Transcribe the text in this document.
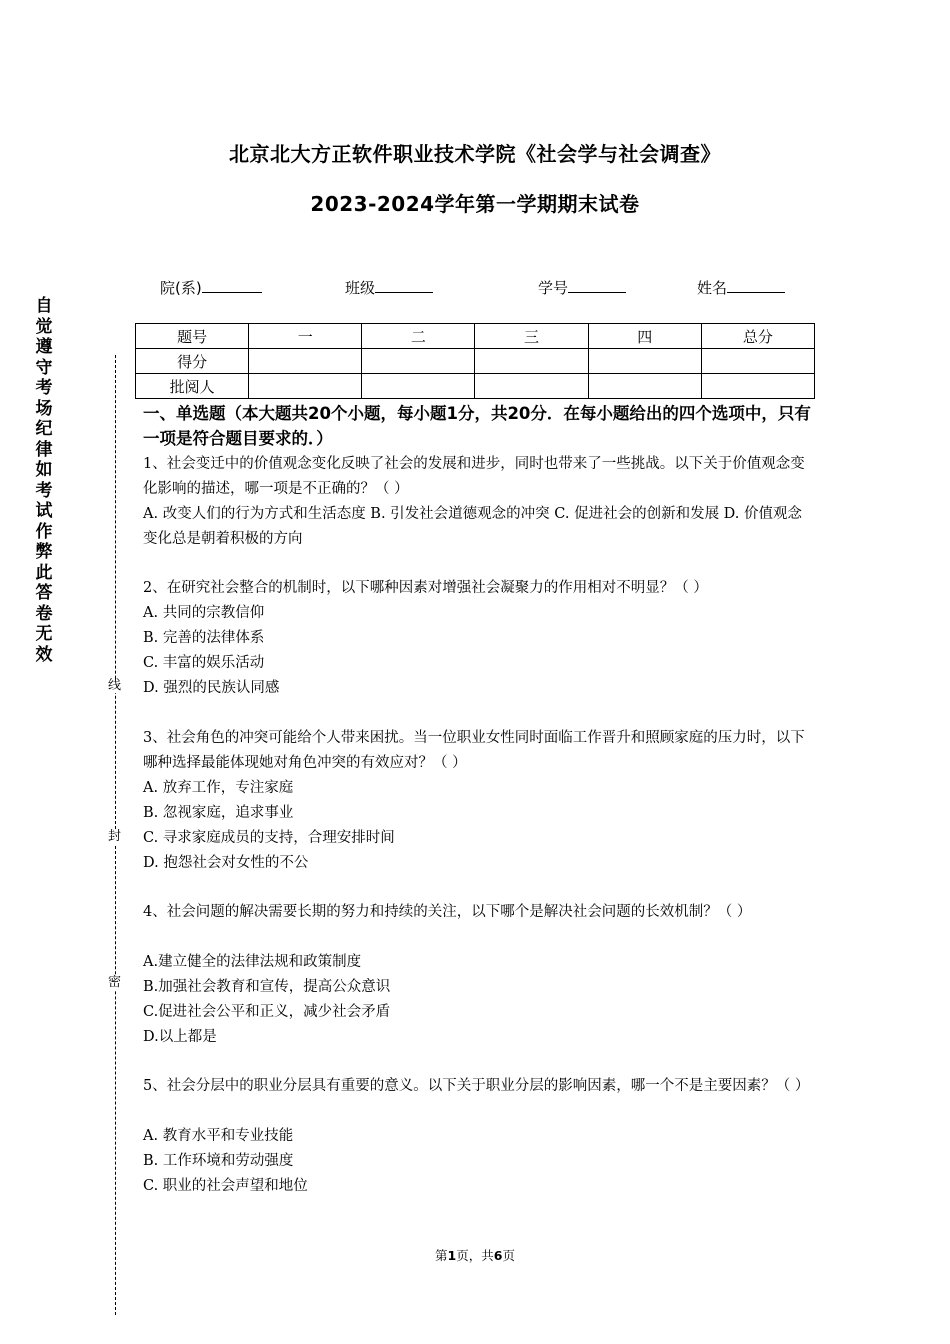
北京北大方正软件职业技术学院《社会学与社会调查》
2023-2024学年第一学期期末试卷
院(系)	班级	学号	姓名
题号	一	二	三	四	总分
得分					
批阅人					
自觉遵守考场纪律如考试作弊此答卷无效
线
封
密
一、单选题（本大题共20个小题，每小题1分，共20分．在每小题给出的四个选项中，只有一项是符合题目要求的．）
1、社会变迁中的价值观念变化反映了社会的发展和进步，同时也带来了一些挑战。以下关于价值观念变化影响的描述，哪一项是不正确的？（ ）
A. 改变人们的行为方式和生活态度 B. 引发社会道德观念的冲突 C. 促进社会的创新和发展 D. 价值观念变化总是朝着积极的方向
2、在研究社会整合的机制时，以下哪种因素对增强社会凝聚力的作用相对不明显？（ ）
A. 共同的宗教信仰
B. 完善的法律体系
C. 丰富的娱乐活动
D. 强烈的民族认同感
3、社会角色的冲突可能给个人带来困扰。当一位职业女性同时面临工作晋升和照顾家庭的压力时，以下哪种选择最能体现她对角色冲突的有效应对？（ ）
A. 放弃工作，专注家庭
B. 忽视家庭，追求事业
C. 寻求家庭成员的支持，合理安排时间
D. 抱怨社会对女性的不公
4、社会问题的解决需要长期的努力和持续的关注，以下哪个是解决社会问题的长效机制？（ ）
A.建立健全的法律法规和政策制度
B.加强社会教育和宣传，提高公众意识
C.促进社会公平和正义，减少社会矛盾
D.以上都是
5、社会分层中的职业分层具有重要的意义。以下关于职业分层的影响因素，哪一个不是主要因素？（ ）
A. 教育水平和专业技能
B. 工作环境和劳动强度
C. 职业的社会声望和地位
第1页，共6页
